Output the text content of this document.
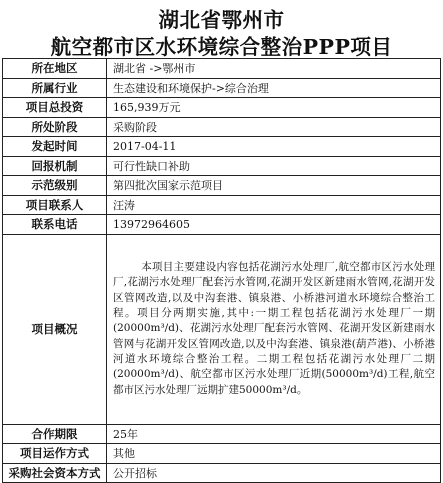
湖北省鄂州市
航空都市区水环境综合整治PPP项目
所在地区	湖北省 ->鄂州市
所属行业	生态建设和环境保护->综合治理
项目总投资	165,939万元
所处阶段	采购阶段
发起时间	2017-04-11
回报机制	可行性缺口补助
示范级别	第四批次国家示范项目
项目联系人	汪涛
联系电话	13972964605
项目概况	本项目主要建设内容包括花湖污水处理厂,航空都市区污水处理厂,花湖污水处理厂配套污水管网,花湖开发区新建雨水管网,花湖开发区管网改造,以及中沟套港、镇泉港、小桥港河道水环境综合整治工程。项目分两期实施,其中:一期工程包括花湖污水处理厂一期(20000m³/d)、花湖污水处理厂配套污水管网、花湖开发区新建雨水管网与花湖开发区管网改造,以及中沟套港、镇泉港(葫芦港)、小桥港河道水环境综合整治工程。二期工程包括花湖污水处理厂二期(20000m³/d)、航空都市区污水处理厂近期(50000m³/d)工程,航空都市区污水处理厂远期扩建50000m³/d。
合作期限	25年
项目运作方式	其他
采购社会资本方式	公开招标
